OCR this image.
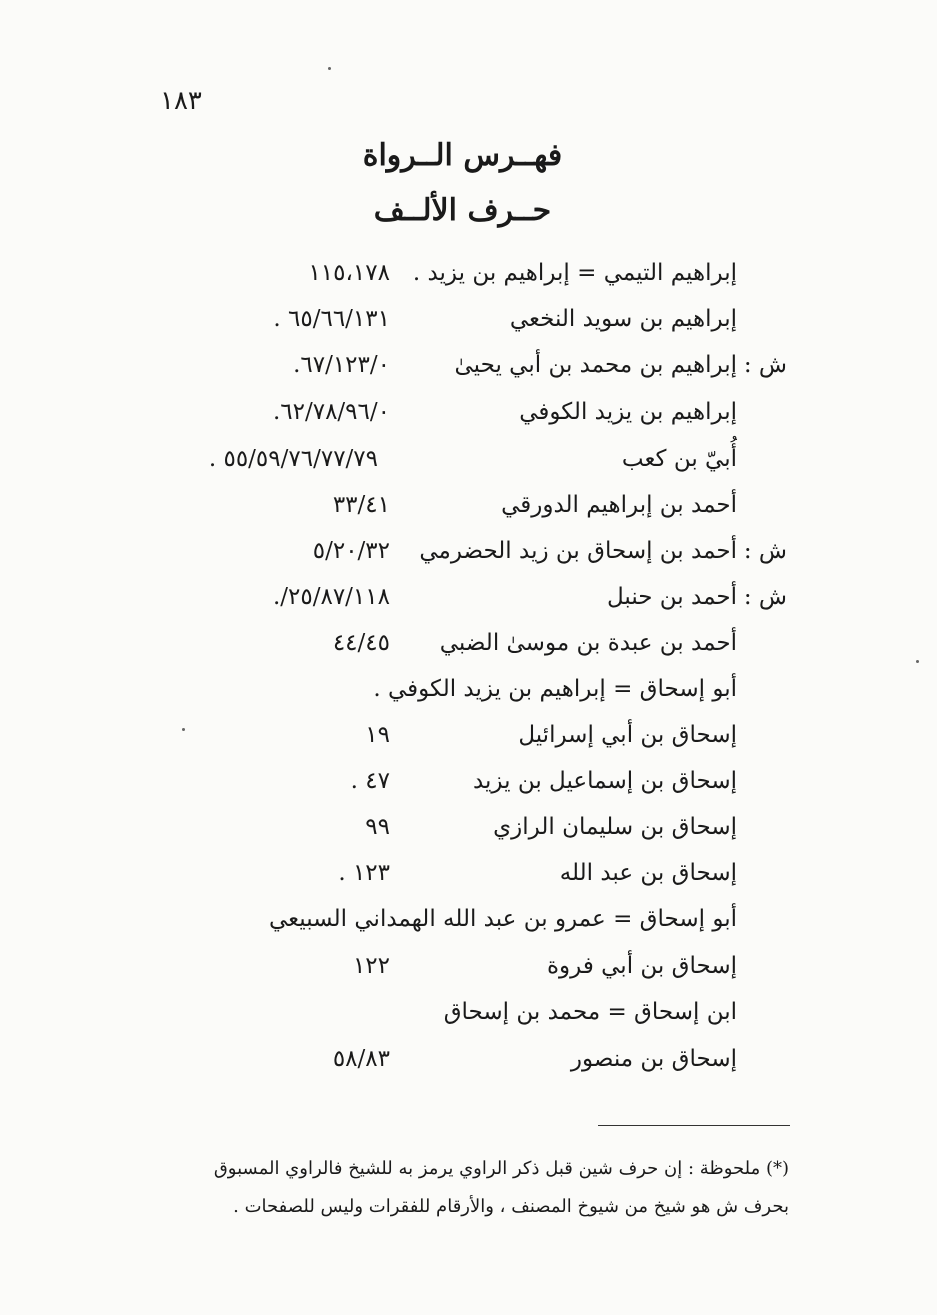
١٨٣
فهــرس الــرواة
حــرف الألــف
إبراهيم التيمي = إبراهيم بن يزيد .
١١٥،١٧٨
إبراهيم بن سويد النخعي
٦٥/٦٦/١٣١ .
ش :
إبراهيم بن محمد بن أبي يحيىٰ
٦٧/١٢٣/٠.
إبراهيم بن يزيد الكوفي
٦٢/٧٨/٩٦/٠.
أُبيّ بن كعب
٥٥/٥٩/٧٦/٧٧/٧٩ .
أحمد بن إبراهيم الدورقي
٣٣/٤١
ش :
أحمد بن إسحاق بن زيد الحضرمي
٥/٢٠/٣٢
ش :
أحمد بن حنبل
٢٥/٨٧/١١٨/.
أحمد بن عبدة بن موسىٰ الضبي
٤٤/٤٥
أبو إسحاق = إبراهيم بن يزيد الكوفي .
إسحاق بن أبي إسرائيل
١٩
إسحاق بن إسماعيل بن يزيد
٤٧ .
إسحاق بن سليمان الرازي
٩٩
إسحاق بن عبد الله
١٢٣ .
أبو إسحاق = عمرو بن عبد الله الهمداني السبيعي
إسحاق بن أبي فروة
١٢٢
ابن إسحاق = محمد بن إسحاق
إسحاق بن منصور
٥٨/٨٣
(*) ملحوظة : إن حرف شين قبل ذكر الراوي يرمز به للشيخ فالراوي المسبوق
بحرف ش هو شيخ من شيوخ المصنف ، والأرقام للفقرات وليس للصفحات .
